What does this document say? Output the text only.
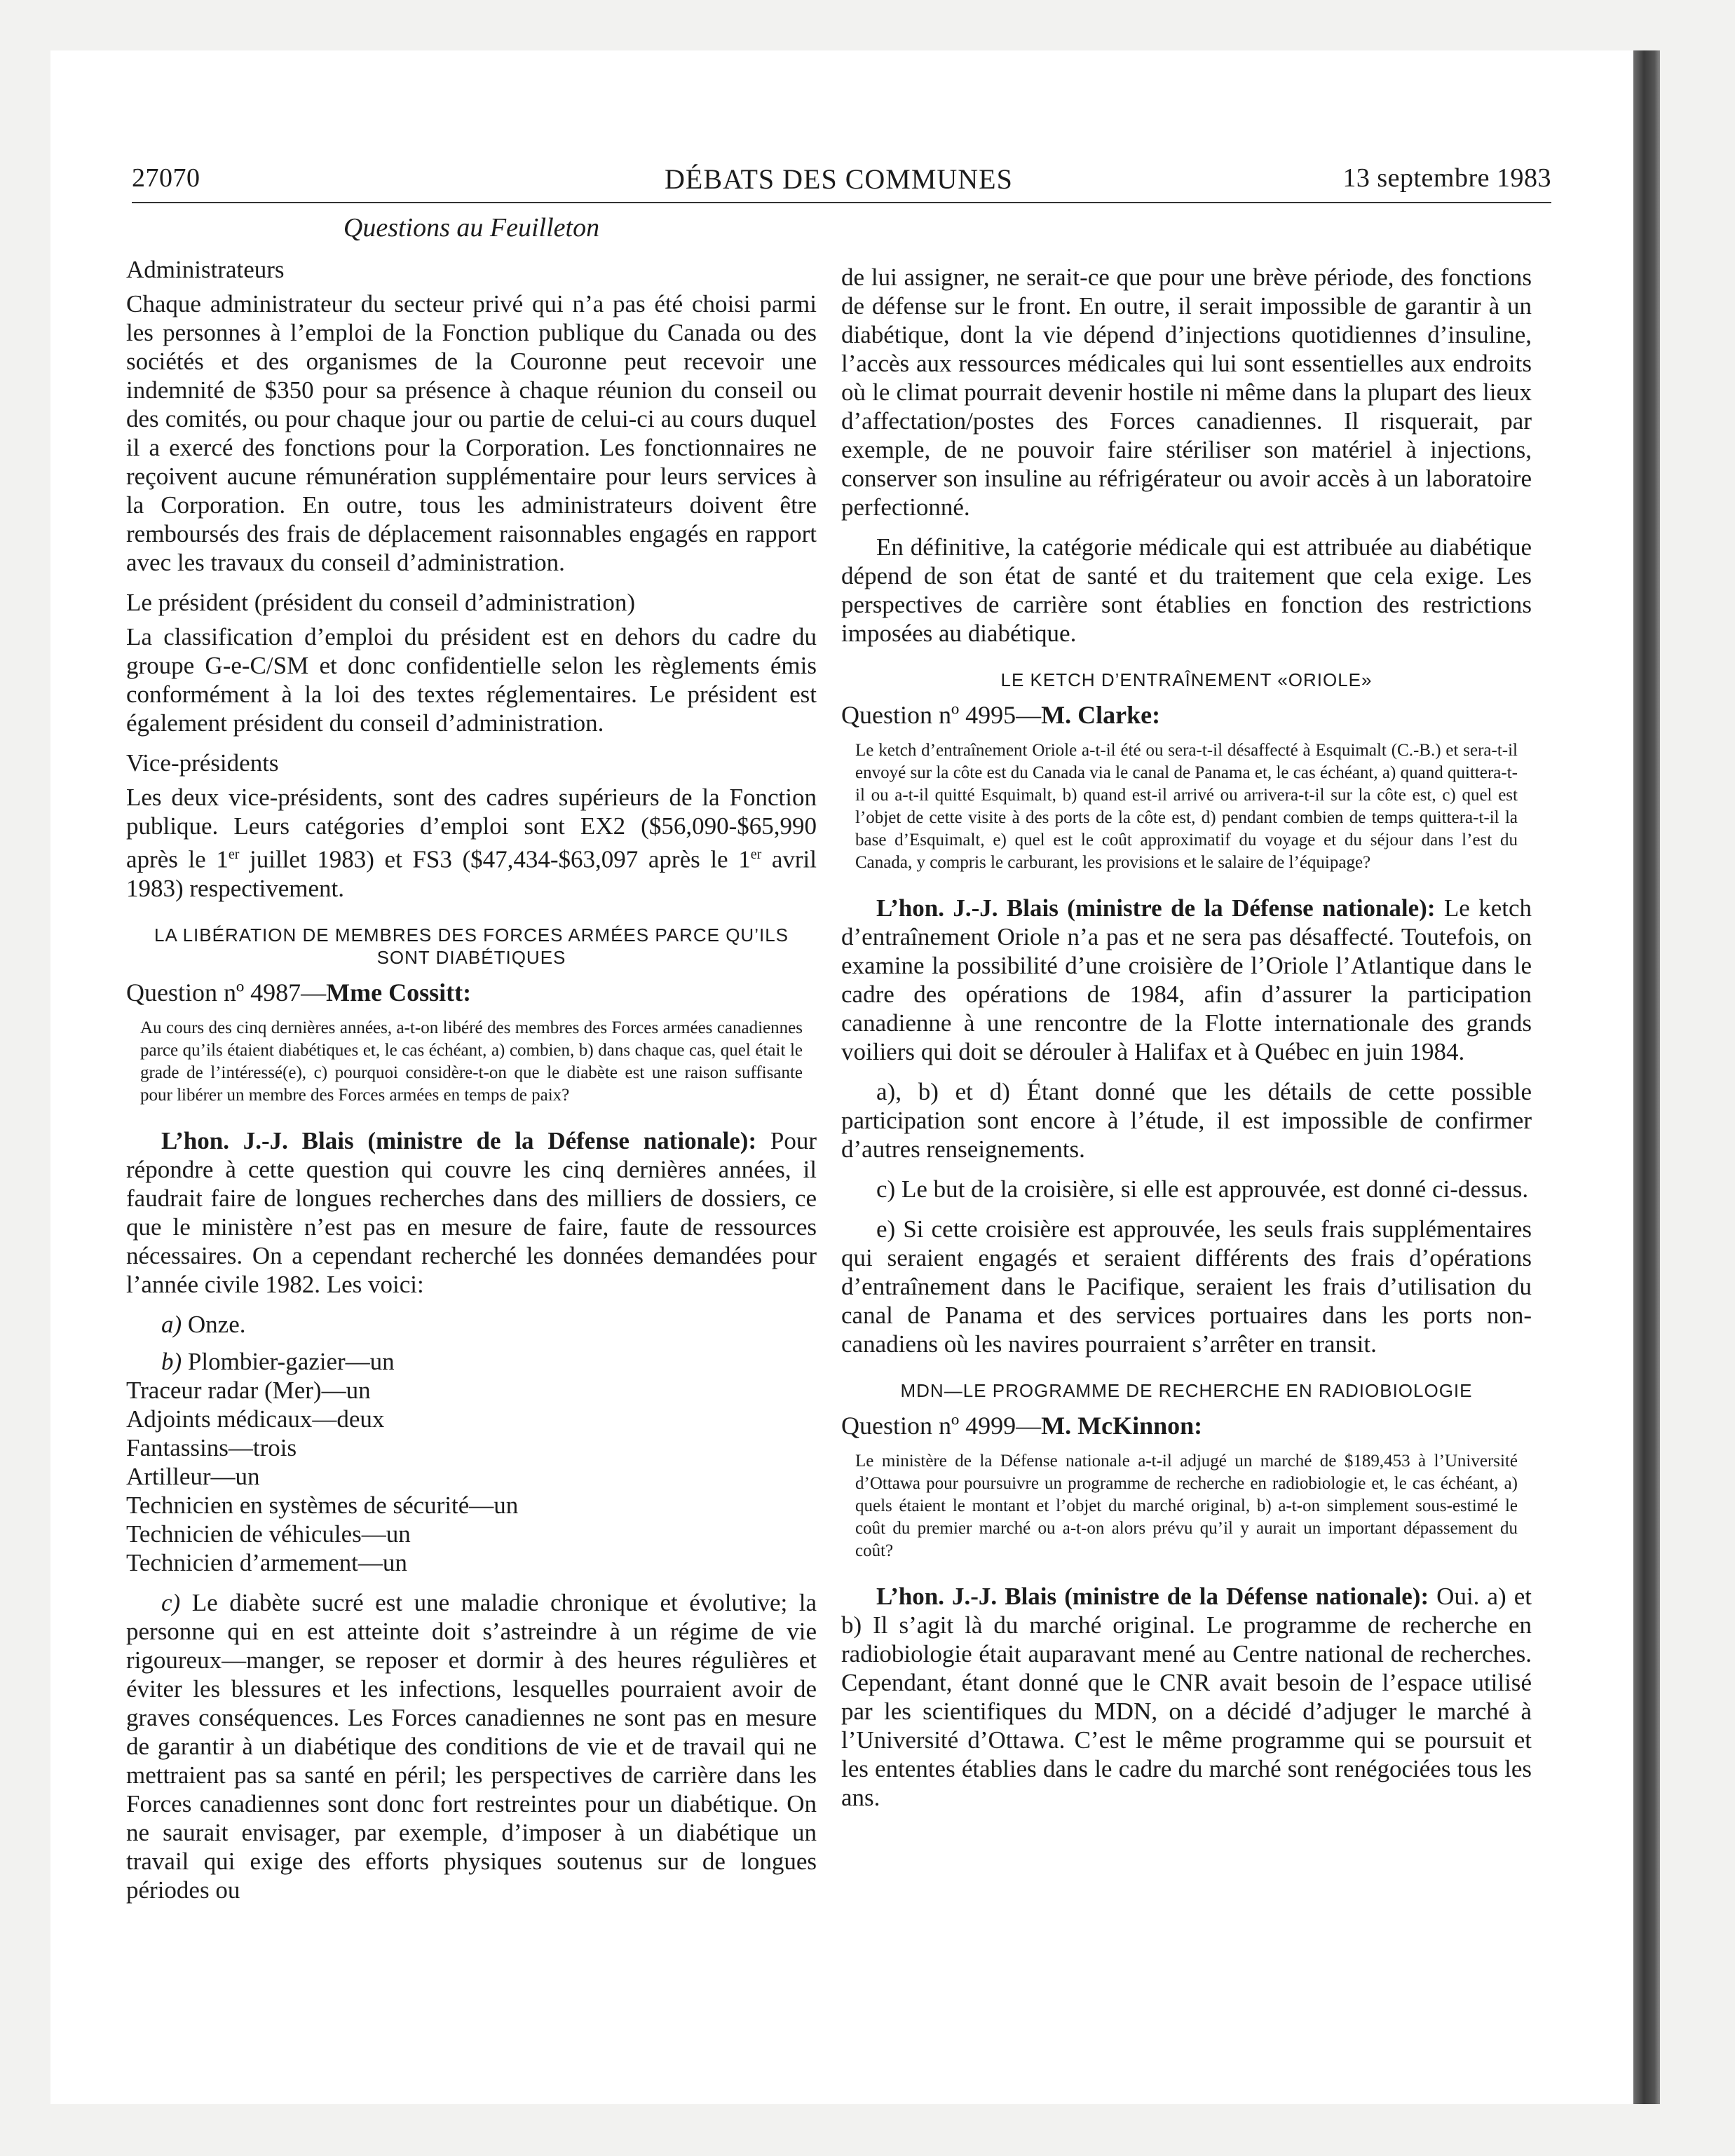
27070	DÉBATS DES COMMUNES	13 septembre 1983

Questions au Feuilleton

Administrateurs

Chaque administrateur du secteur privé qui n’a pas été choisi parmi les personnes à l’emploi de la Fonction publique du Canada ou des sociétés et des organismes de la Couronne peut recevoir une indemnité de $350 pour sa présence à chaque réunion du conseil ou des comités, ou pour chaque jour ou partie de celui-ci au cours duquel il a exercé des fonctions pour la Corporation. Les fonctionnaires ne reçoivent aucune rémunération supplémentaire pour leurs services à la Corporation. En outre, tous les administrateurs doivent être remboursés des frais de déplacement raisonnables engagés en rapport avec les travaux du conseil d’administration.

Le président (président du conseil d’administration)

La classification d’emploi du président est en dehors du cadre du groupe G-e-C/SM et donc confidentielle selon les règlements émis conformément à la loi des textes réglementaires. Le président est également président du conseil d’administration.

Vice-présidents

Les deux vice-présidents, sont des cadres supérieurs de la Fonction publique. Leurs catégories d’emploi sont EX2 ($56,090-$65,990 après le 1er juillet 1983) et FS3 ($47,434-$63,097 après le 1er avril 1983) respectivement.

LA LIBÉRATION DE MEMBRES DES FORCES ARMÉES PARCE QU’ILS SONT DIABÉTIQUES

Question nº 4987—Mme Cossitt:

Au cours des cinq dernières années, a-t-on libéré des membres des Forces armées canadiennes parce qu’ils étaient diabétiques et, le cas échéant, a) combien, b) dans chaque cas, quel était le grade de l’intéressé(e), c) pourquoi considère-t-on que le diabète est une raison suffisante pour libérer un membre des Forces armées en temps de paix?

L’hon. J.-J. Blais (ministre de la Défense nationale): Pour répondre à cette question qui couvre les cinq dernières années, il faudrait faire de longues recherches dans des milliers de dossiers, ce que le ministère n’est pas en mesure de faire, faute de ressources nécessaires. On a cependant recherché les données demandées pour l’année civile 1982. Les voici:

a) Onze.

b) Plombier-gazier—un

Traceur radar (Mer)—un

Adjoints médicaux—deux

Fantassins—trois

Artilleur—un

Technicien en systèmes de sécurité—un

Technicien de véhicules—un

Technicien d’armement—un

c) Le diabète sucré est une maladie chronique et évolutive; la personne qui en est atteinte doit s’astreindre à un régime de vie rigoureux—manger, se reposer et dormir à des heures régulières et éviter les blessures et les infections, lesquelles pourraient avoir de graves conséquences. Les Forces canadiennes ne sont pas en mesure de garantir à un diabétique des conditions de vie et de travail qui ne mettraient pas sa santé en péril; les perspectives de carrière dans les Forces canadiennes sont donc fort restreintes pour un diabétique. On ne saurait envisager, par exemple, d’imposer à un diabétique un travail qui exige des efforts physiques soutenus sur de longues périodes ou

de lui assigner, ne serait-ce que pour une brève période, des fonctions de défense sur le front. En outre, il serait impossible de garantir à un diabétique, dont la vie dépend d’injections quotidiennes d’insuline, l’accès aux ressources médicales qui lui sont essentielles aux endroits où le climat pourrait devenir hostile ni même dans la plupart des lieux d’affectation/postes des Forces canadiennes. Il risquerait, par exemple, de ne pouvoir faire stériliser son matériel à injections, conserver son insuline au réfrigérateur ou avoir accès à un laboratoire perfectionné.

En définitive, la catégorie médicale qui est attribuée au diabétique dépend de son état de santé et du traitement que cela exige. Les perspectives de carrière sont établies en fonction des restrictions imposées au diabétique.

LE KETCH D’ENTRAÎNEMENT «ORIOLE»

Question nº 4995—M. Clarke:

Le ketch d’entraînement Oriole a-t-il été ou sera-t-il désaffecté à Esquimalt (C.-B.) et sera-t-il envoyé sur la côte est du Canada via le canal de Panama et, le cas échéant, a) quand quittera-t-il ou a-t-il quitté Esquimalt, b) quand est-il arrivé ou arrivera-t-il sur la côte est, c) quel est l’objet de cette visite à des ports de la côte est, d) pendant combien de temps quittera-t-il la base d’Esquimalt, e) quel est le coût approximatif du voyage et du séjour dans l’est du Canada, y compris le carburant, les provisions et le salaire de l’équipage?

L’hon. J.-J. Blais (ministre de la Défense nationale): Le ketch d’entraînement Oriole n’a pas et ne sera pas désaffecté. Toutefois, on examine la possibilité d’une croisière de l’Oriole l’Atlantique dans le cadre des opérations de 1984, afin d’assurer la participation canadienne à une rencontre de la Flotte internationale des grands voiliers qui doit se dérouler à Halifax et à Québec en juin 1984.

a), b) et d) Étant donné que les détails de cette possible participation sont encore à l’étude, il est impossible de confirmer d’autres renseignements.

c) Le but de la croisière, si elle est approuvée, est donné ci-dessus.

e) Si cette croisière est approuvée, les seuls frais supplémentaires qui seraient engagés et seraient différents des frais d’opérations d’entraînement dans le Pacifique, seraient les frais d’utilisation du canal de Panama et des services portuaires dans les ports non-canadiens où les navires pourraient s’arrêter en transit.

MDN—LE PROGRAMME DE RECHERCHE EN RADIOBIOLOGIE

Question nº 4999—M. McKinnon:

Le ministère de la Défense nationale a-t-il adjugé un marché de $189,453 à l’Université d’Ottawa pour poursuivre un programme de recherche en radiobiologie et, le cas échéant, a) quels étaient le montant et l’objet du marché original, b) a-t-on simplement sous-estimé le coût du premier marché ou a-t-on alors prévu qu’il y aurait un important dépassement du coût?

L’hon. J.-J. Blais (ministre de la Défense nationale): Oui. a) et b) Il s’agit là du marché original. Le programme de recherche en radiobiologie était auparavant mené au Centre national de recherches. Cependant, étant donné que le CNR avait besoin de l’espace utilisé par les scientifiques du MDN, on a décidé d’adjuger le marché à l’Université d’Ottawa. C’est le même programme qui se poursuit et les ententes établies dans le cadre du marché sont renégociées tous les ans.
